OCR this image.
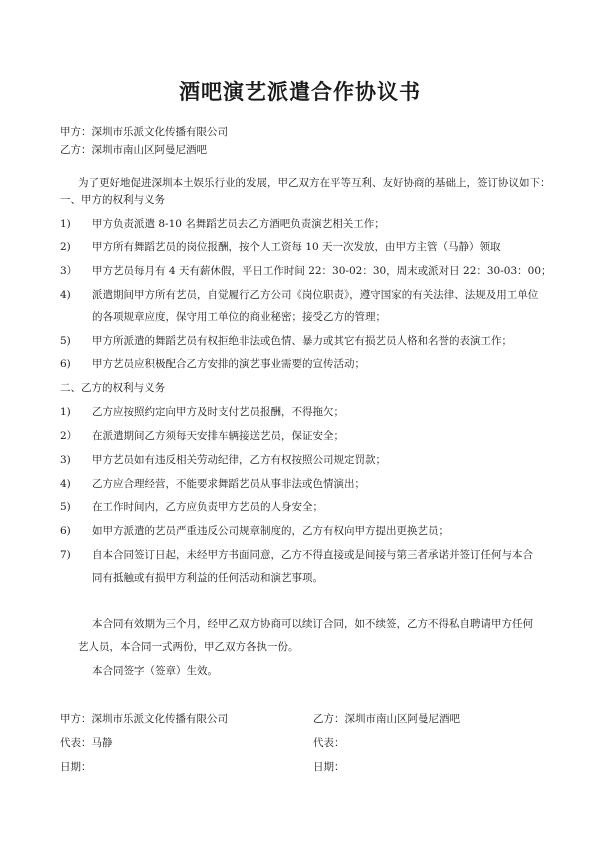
酒吧演艺派遣合作协议书
甲方：深圳市乐派文化传播有限公司
乙方：深圳市南山区阿曼尼酒吧
为了更好地促进深圳本土娱乐行业的发展，甲乙双方在平等互利、友好协商的基础上，签订协议如下：
一、甲方的权利与义务
1) 甲方负责派遣 8-10 名舞蹈艺员去乙方酒吧负责演艺相关工作；
2) 甲方所有舞蹈艺员的岗位报酬，按个人工资每 10 天一次发放，由甲方主管（马静）领取
3） 甲方艺员每月有 4 天有薪休假，平日工作时间 22：30-02：30，周末或派对日 22：30-03：00；
4) 派遣期间甲方所有艺员，自觉履行乙方公司《岗位职责》，遵守国家的有关法律、法规及用工单位
的各项规章应度，保守用工单位的商业秘密；接受乙方的管理；
5) 甲方所派遣的舞蹈艺员有权拒绝非法或色情、暴力或其它有损艺员人格和名誉的表演工作；
6) 甲方艺员应积极配合乙方安排的演艺事业需要的宣传活动；
二、乙方的权利与义务
1) 乙方应按照约定向甲方及时支付艺员报酬，不得拖欠；
2） 在派遣期间乙方须每天安排车辆接送艺员，保证安全；
3) 甲方艺员如有违反相关劳动纪律，乙方有权按照公司规定罚款；
4) 乙方应合理经营，不能要求舞蹈艺员从事非法或色情演出；
5) 在工作时间内，乙方应负责甲方艺员的人身安全；
6) 如甲方派遣的艺员严重违反公司规章制度的，乙方有权向甲方提出更换艺员；
7) 自本合同签订日起，未经甲方书面同意，乙方不得直接或是间接与第三者承诺并签订任何与本合
同有抵触或有损甲方利益的任何活动和演艺事项。
本合同有效期为三个月，经甲乙双方协商可以续订合同，如不续签，乙方不得私自聘请甲方任何
艺人员，本合同一式两份，甲乙双方各执一份。
本合同签字（签章）生效。
甲方：深圳市乐派文化传播有限公司
代表：马静
日期：
乙方：深圳市南山区阿曼尼酒吧
代表：
日期：
